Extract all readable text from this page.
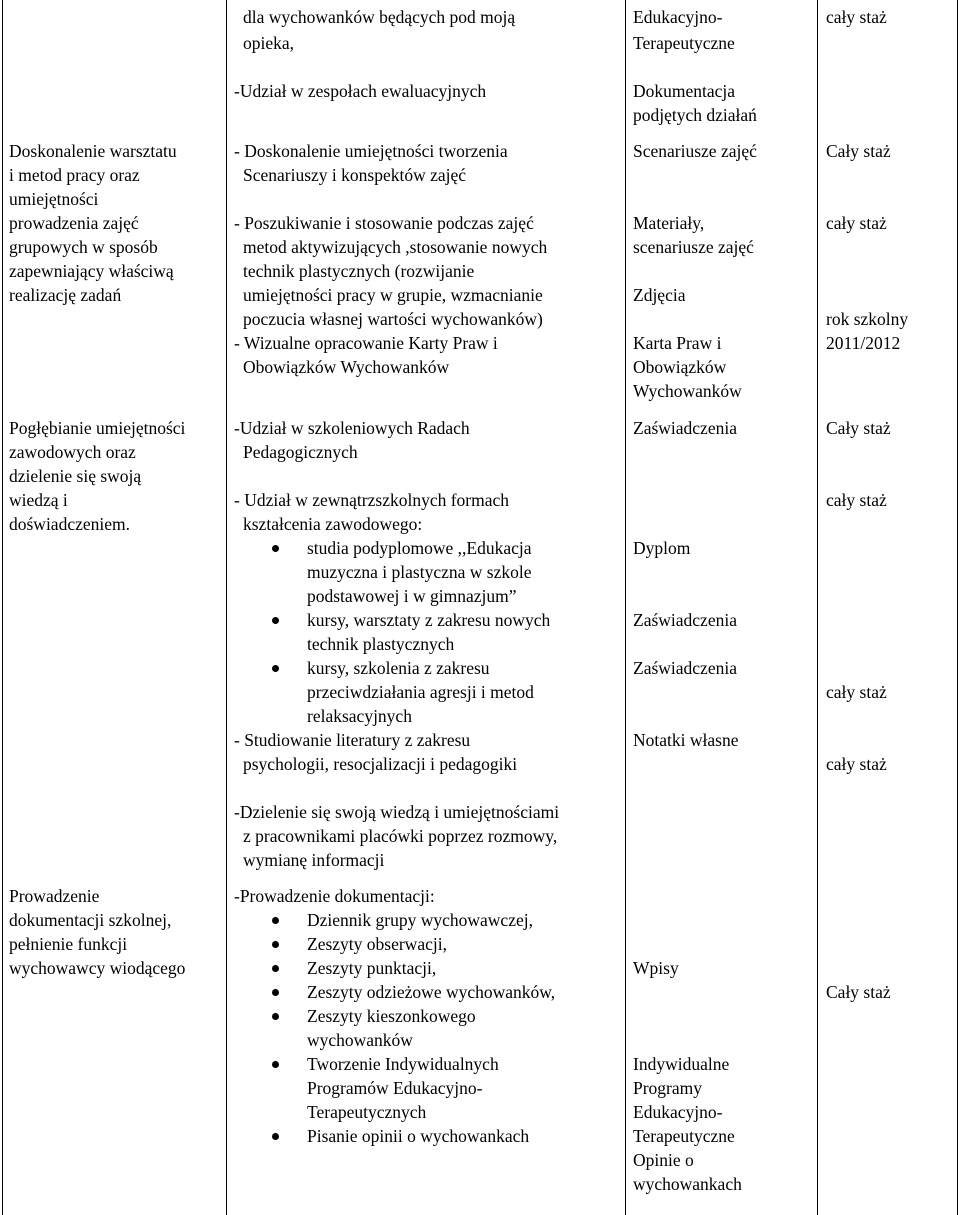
dla wychowanków będących pod moją
opieka,
-Udział w zespołach ewaluacyjnych
Edukacyjno-
Terapeutyczne
Dokumentacja
podjętych działań
cały staż
Doskonalenie warsztatu
i metod pracy oraz
umiejętności
prowadzenia zajęć
grupowych w sposób
zapewniający właściwą
realizację zadań
- Doskonalenie umiejętności tworzenia
Scenariuszy i konspektów zajęć
- Poszukiwanie i stosowanie podczas zajęć
metod aktywizujących ,stosowanie nowych
technik plastycznych (rozwijanie
umiejętności pracy w grupie, wzmacnianie
poczucia własnej wartości wychowanków)
- Wizualne opracowanie Karty Praw i
Obowiązków Wychowanków
Scenariusze zajęć
Materiały,
scenariusze zajęć
Zdjęcia
Karta Praw i
Obowiązków
Wychowanków
Cały staż
cały staż
rok szkolny
2011/2012
Pogłębianie umiejętności
zawodowych oraz
dzielenie się swoją
wiedzą i
doświadczeniem.
-Udział w szkoleniowych Radach
Pedagogicznych
- Udział w zewnątrzszkolnych formach
kształcenia zawodowego:
studia podyplomowe ,,Edukacja
muzyczna i plastyczna w szkole
podstawowej i w gimnazjum”
kursy, warsztaty z zakresu nowych
technik plastycznych
kursy, szkolenia z zakresu
przeciwdziałania agresji i metod
relaksacyjnych
- Studiowanie literatury z zakresu
psychologii, resocjalizacji i pedagogiki
-Dzielenie się swoją wiedzą i umiejętnościami
z pracownikami placówki poprzez rozmowy,
wymianę informacji
Zaświadczenia
Dyplom
Zaświadczenia
Zaświadczenia
Notatki własne
Cały staż
cały staż
cały staż
cały staż
Prowadzenie
dokumentacji szkolnej,
pełnienie funkcji
wychowawcy wiodącego
-Prowadzenie dokumentacji:
Dziennik grupy wychowawczej,
Zeszyty obserwacji,
Zeszyty punktacji,
Zeszyty odzieżowe wychowanków,
Zeszyty kieszonkowego
wychowanków
Tworzenie Indywidualnych
Programów Edukacyjno-
Terapeutycznych
Pisanie opinii o wychowankach
Wpisy
Indywidualne
Programy
Edukacyjno-
Terapeutyczne
Opinie o
wychowankach
Cały staż
